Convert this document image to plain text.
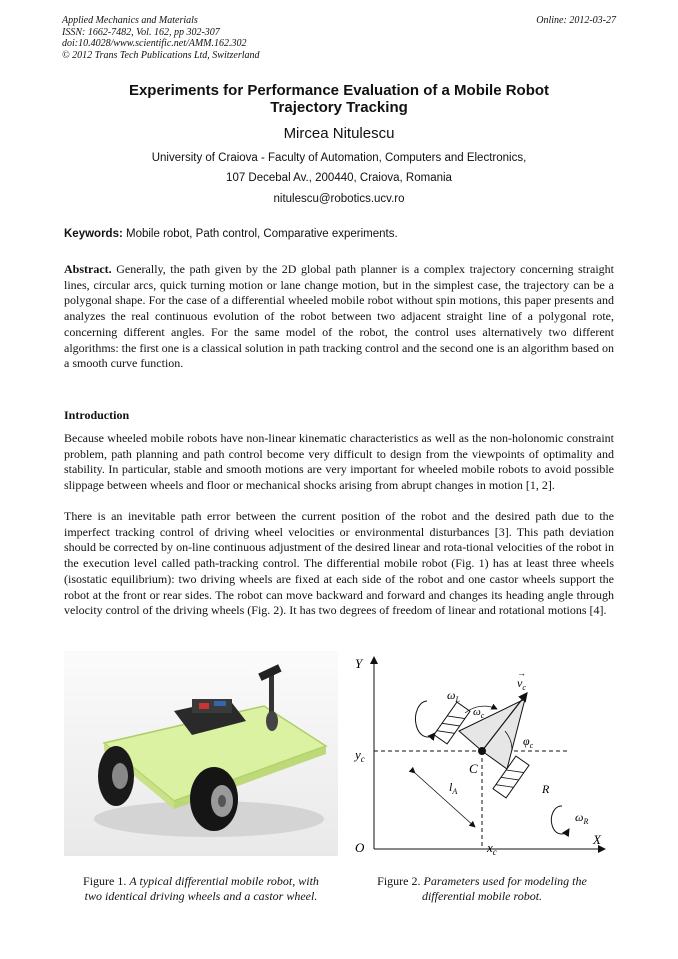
Applied Mechanics and Materials
ISSN: 1662-7482, Vol. 162, pp 302-307
doi:10.4028/www.scientific.net/AMM.162.302
© 2012 Trans Tech Publications Ltd, Switzerland
Online: 2012-03-27
Experiments for Performance Evaluation of a Mobile Robot
Trajectory Tracking
Mircea Nitulescu
University of Craiova - Faculty of Automation, Computers and Electronics,
107 Decebal Av., 200440, Craiova, Romania
nitulescu@robotics.ucv.ro
Keywords: Mobile robot, Path control, Comparative experiments.
Abstract. Generally, the path given by the 2D global path planner is a complex trajectory concerning straight lines, circular arcs, quick turning motion or lane change motion, but in the simplest case, the trajectory can be a polygonal shape. For the case of a differential wheeled mobile robot without spin motions, this paper presents and analyzes the real continuous evolution of the robot between two adjacent straight line of a polygonal rote, concerning different angles. For the same model of the robot, the control uses alternatively two different algorithms: the first one is a classical solution in path tracking control and the second one is an algorithm based on a smooth curve function.
Introduction
Because wheeled mobile robots have non-linear kinematic characteristics as well as the non-holonomic constraint problem, path planning and path control become very difficult to design from the viewpoints of optimality and stability. In particular, stable and smooth motions are very important for wheeled mobile robots to avoid possible slippage between wheels and floor or mechanical shocks arising from abrupt changes in motion [1, 2].
There is an inevitable path error between the current position of the robot and the desired path due to the imperfect tracking control of driving wheel velocities or environmental disturbances [3]. This path deviation should be corrected by on-line continuous adjustment of the desired linear and rota-tional velocities of the robot in the execution level called path-tracking control. The differential mobile robot (Fig. 1) has at least three wheels (isostatic equilibrium): two driving wheels are fixed at each side of the robot and one castor wheels support the robot at the front or rear sides. The robot can move backward and forward and changes its heading angle through velocity control of the driving wheels (Fig. 2). It has two degrees of freedom of linear and rotational motions [4].
Y
X
O
$y_c$
$x_c$
C
$\omega_L$
$\omega_c$
$v_c$
→
$\varphi_c$
$l_A$	R
$\omega_R$
Figure 1. A typical differential mobile robot, with
two identical driving wheels and a castor wheel.
Figure 2. Parameters used for modeling the
differential mobile robot.
